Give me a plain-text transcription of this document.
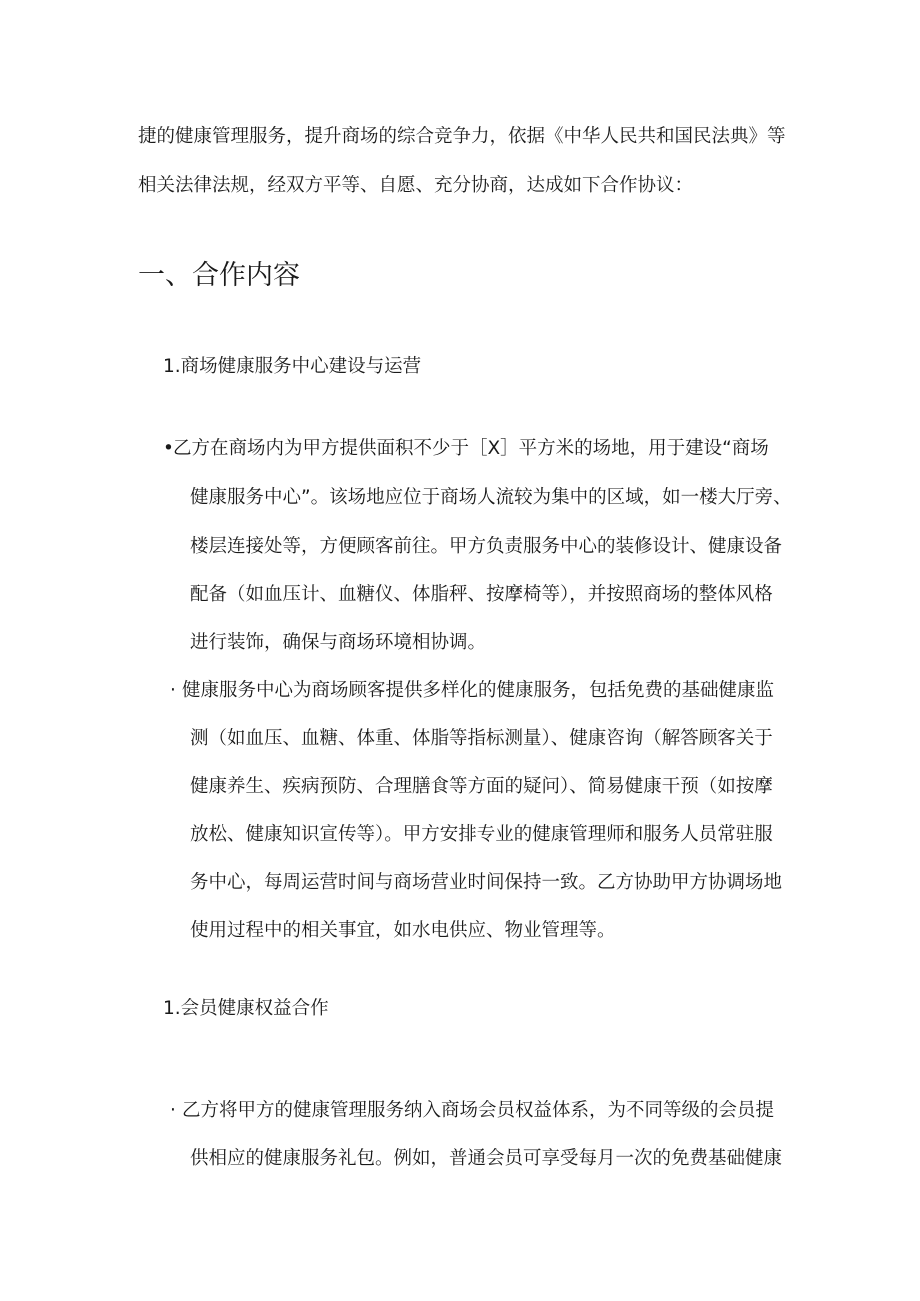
捷的健康管理服务，提升商场的综合竞争力，依据《中华人民共和国民法典》等
相关法律法规，经双方平等、自愿、充分协商，达成如下合作协议：
一、合作内容
1.商场健康服务中心建设与运营
• 乙方在商场内为甲方提供面积不少于［X］平方米的场地，用于建设“商场
健康服务中心”。该场地应位于商场人流较为集中的区域，如一楼大厅旁、
楼层连接处等，方便顾客前往。甲方负责服务中心的装修设计、健康设备
配备（如血压计、血糖仪、体脂秤、按摩椅等），并按照商场的整体风格
进行装饰，确保与商场环境相协调。
· 健康服务中心为商场顾客提供多样化的健康服务，包括免费的基础健康监
测（如血压、血糖、体重、体脂等指标测量）、健康咨询（解答顾客关于
健康养生、疾病预防、合理膳食等方面的疑问）、简易健康干预（如按摩
放松、健康知识宣传等）。甲方安排专业的健康管理师和服务人员常驻服
务中心，每周运营时间与商场营业时间保持一致。乙方协助甲方协调场地
使用过程中的相关事宜，如水电供应、物业管理等。
1.会员健康权益合作
· 乙方将甲方的健康管理服务纳入商场会员权益体系，为不同等级的会员提
供相应的健康服务礼包。例如，普通会员可享受每月一次的免费基础健康
